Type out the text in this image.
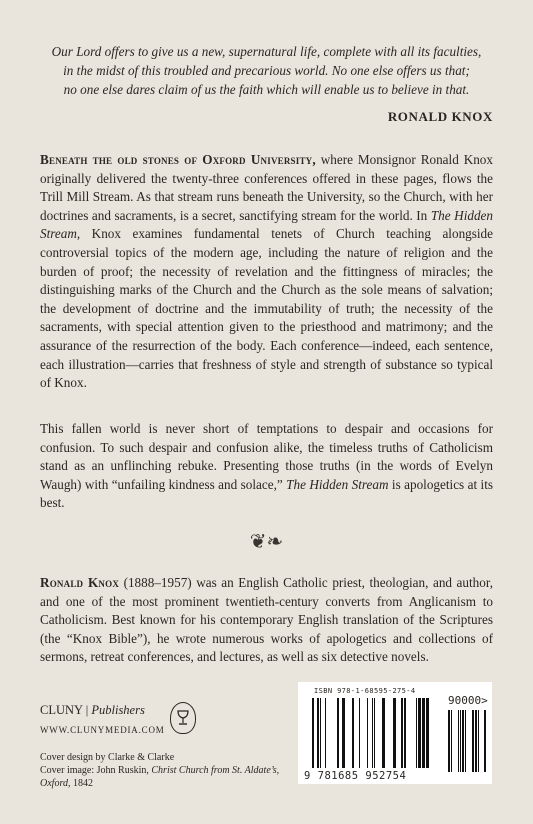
Our Lord offers to give us a new, supernatural life, complete with all its faculties,
in the midst of this troubled and precarious world. No one else offers us that;
no one else dares claim of us the faith which will enable us to believe in that.
RONALD KNOX
Beneath the old stones of Oxford University, where Monsignor Ronald Knox originally delivered the twenty-three conferences offered in these pages, flows the Trill Mill Stream. As that stream runs beneath the University, so the Church, with her doctrines and sacraments, is a secret, sanctifying stream for the world. In The Hidden Stream, Knox examines fundamental tenets of Church teaching alongside controversial topics of the modern age, including the nature of religion and the burden of proof; the necessity of revelation and the fittingness of miracles; the distinguishing marks of the Church and the Church as the sole means of salvation; the development of doctrine and the immutability of truth; the necessity of the sacraments, with special attention given to the priesthood and matrimony; and the assurance of the resurrection of the body. Each conference—indeed, each sentence, each illustration—carries that freshness of style and strength of substance so typical of Knox.
This fallen world is never short of temptations to despair and occasions for confusion. To such despair and confusion alike, the timeless truths of Catholicism stand as an unflinching rebuke. Presenting those truths (in the words of Evelyn Waugh) with “unfailing kindness and solace,” The Hidden Stream is apologetics at its best.
❦❧
Ronald Knox (1888–1957) was an English Catholic priest, theologian, and author, and one of the most prominent twentieth-century converts from Anglicanism to Catholicism. Best known for his contemporary English translation of the Scriptures (the “Knox Bible”), he wrote numerous works of apologetics and collections of sermons, retreat conferences, and lectures, as well as six detective novels.
CLUNY | Publishers
WWW.CLUNYMEDIA.COM
Cover design by Clarke & Clarke
Cover image: John Ruskin, Christ Church from St. Aldate’s, Oxford, 1842
ISBN 978-1-68595-275-4
90000>
9 781685 952754
